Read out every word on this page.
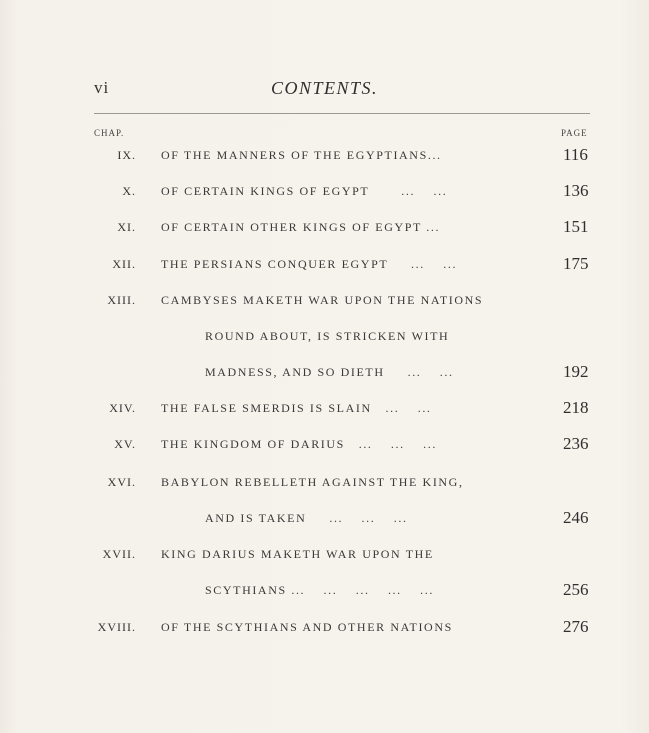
vi	CONTENTS.
CHAP.	PAGE
IX. OF THE MANNERS OF THE EGYPTIANS...	116
X. OF CERTAIN KINGS OF EGYPT       ...    ...	136
XI. OF CERTAIN OTHER KINGS OF EGYPT ...	151
XII. THE PERSIANS CONQUER EGYPT     ...    ...	175
XIII. CAMBYSES MAKETH WAR UPON THE NATIONS
ROUND ABOUT, IS STRICKEN WITH
MADNESS, AND SO DIETH     ...    ...	192
XIV. THE FALSE SMERDIS IS SLAIN   ...    ...	218
XV. THE KINGDOM OF DARIUS   ...    ...    ...	236
XVI. BABYLON REBELLETH AGAINST THE KING,
AND IS TAKEN     ...    ...    ...	246
XVII. KING DARIUS MAKETH WAR UPON THE
SCYTHIANS ...    ...    ...    ...    ...	256
XVIII. OF THE SCYTHIANS AND OTHER NATIONS	276
